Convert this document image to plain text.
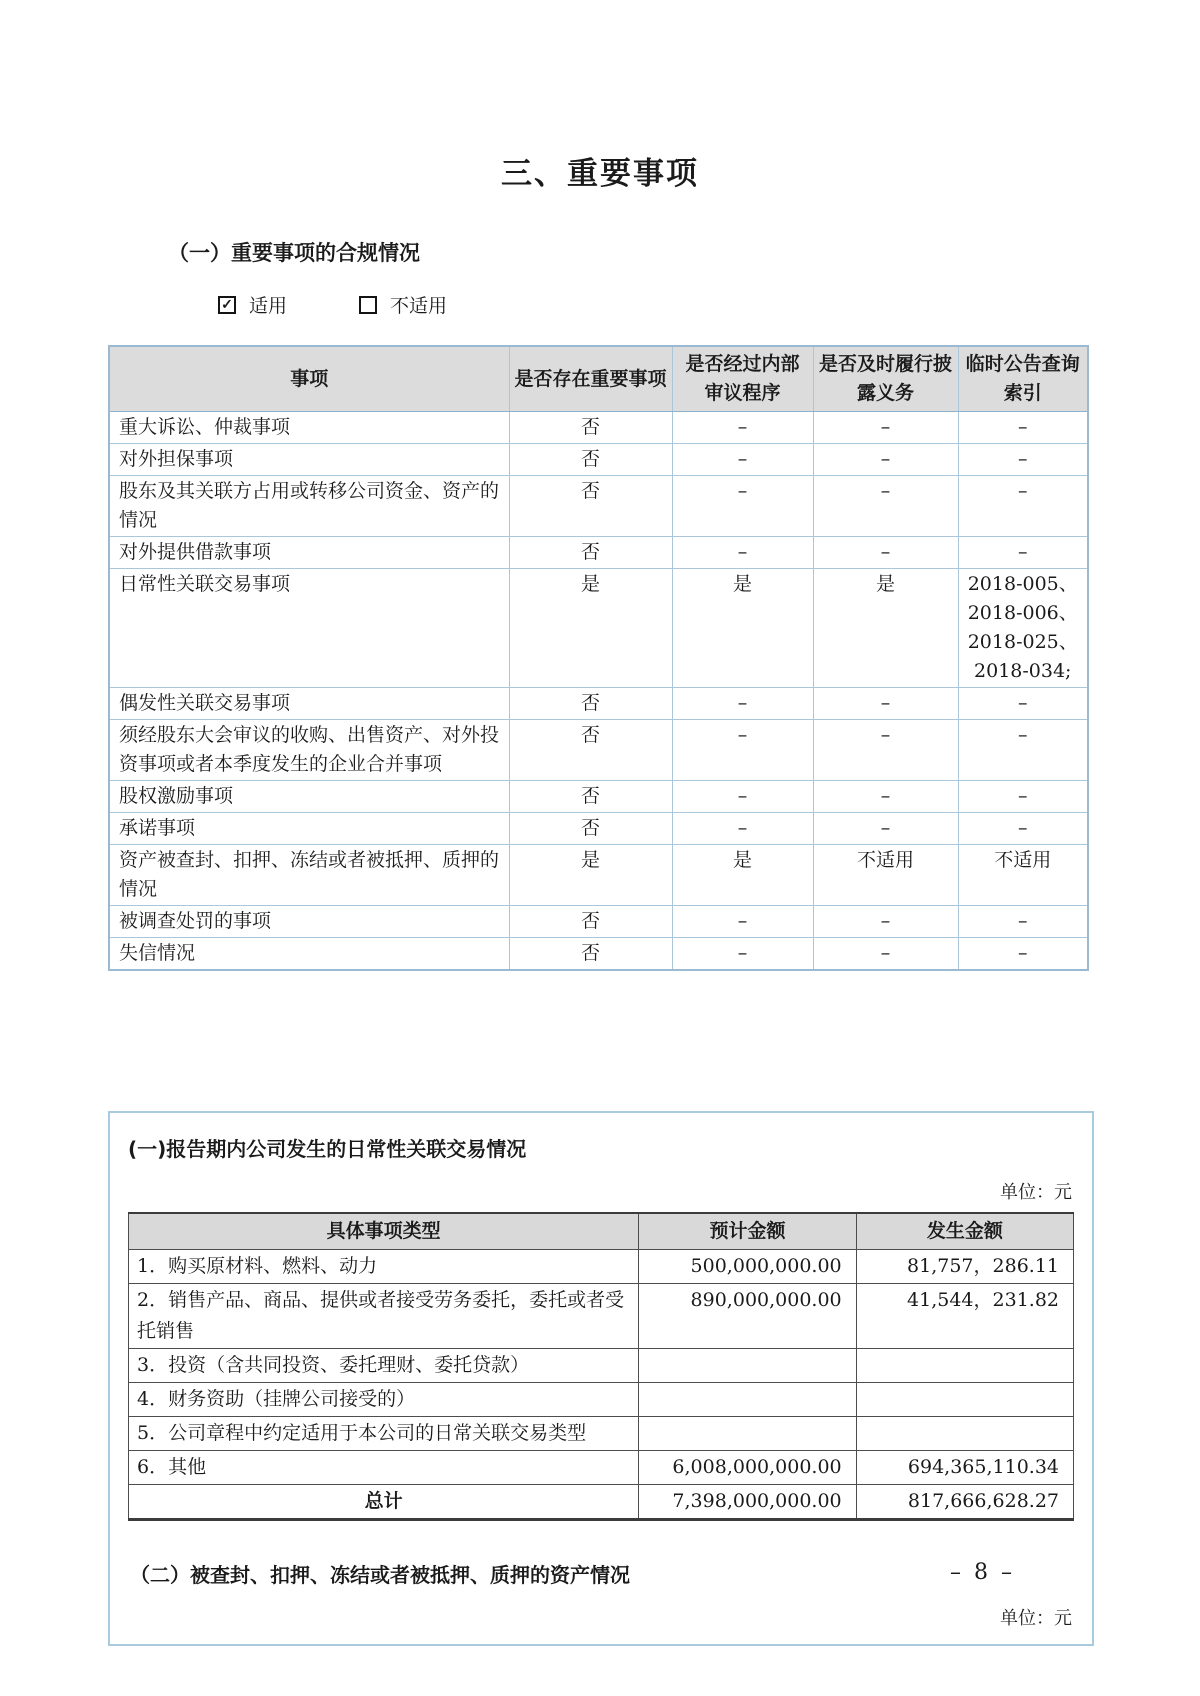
三、重要事项
（一）重要事项的合规情况
✓ 适用	不适用
事项	是否存在重要事项	是否经过内部审议程序	是否及时履行披露义务	临时公告查询索引
重大诉讼、仲裁事项	否	–	–	–
对外担保事项	否	–	–	–
股东及其关联方占用或转移公司资金、资产的情况	否	–	–	–
对外提供借款事项	否	–	–	–
日常性关联交易事项	是	是	是	2018-005、2018-006、2018-025、2018-034;
偶发性关联交易事项	否	–	–	–
须经股东大会审议的收购、出售资产、对外投资事项或者本季度发生的企业合并事项	否	–	–	–
股权激励事项	否	–	–	–
承诺事项	否	–	–	–
资产被查封、扣押、冻结或者被抵押、质押的情况	是	是	不适用	不适用
被调查处罚的事项	否	–	–	–
失信情况	否	–	–	–
(一)报告期内公司发生的日常性关联交易情况
单位：元
具体事项类型	预计金额	发生金额
1．购买原材料、燃料、动力	500,000,000.00	81,757，286.11
2．销售产品、商品、提供或者接受劳务委托，委托或者受托销售	890,000,000.00	41,544，231.82
3．投资（含共同投资、委托理财、委托贷款）		
4．财务资助（挂牌公司接受的）		
5．公司章程中约定适用于本公司的日常关联交易类型		
6．其他	6,008,000,000.00	694,365,110.34
总计	7,398,000,000.00	817,666,628.27
（二）被查封、扣押、冻结或者被抵押、质押的资产情况
单位：元
– 8 –
